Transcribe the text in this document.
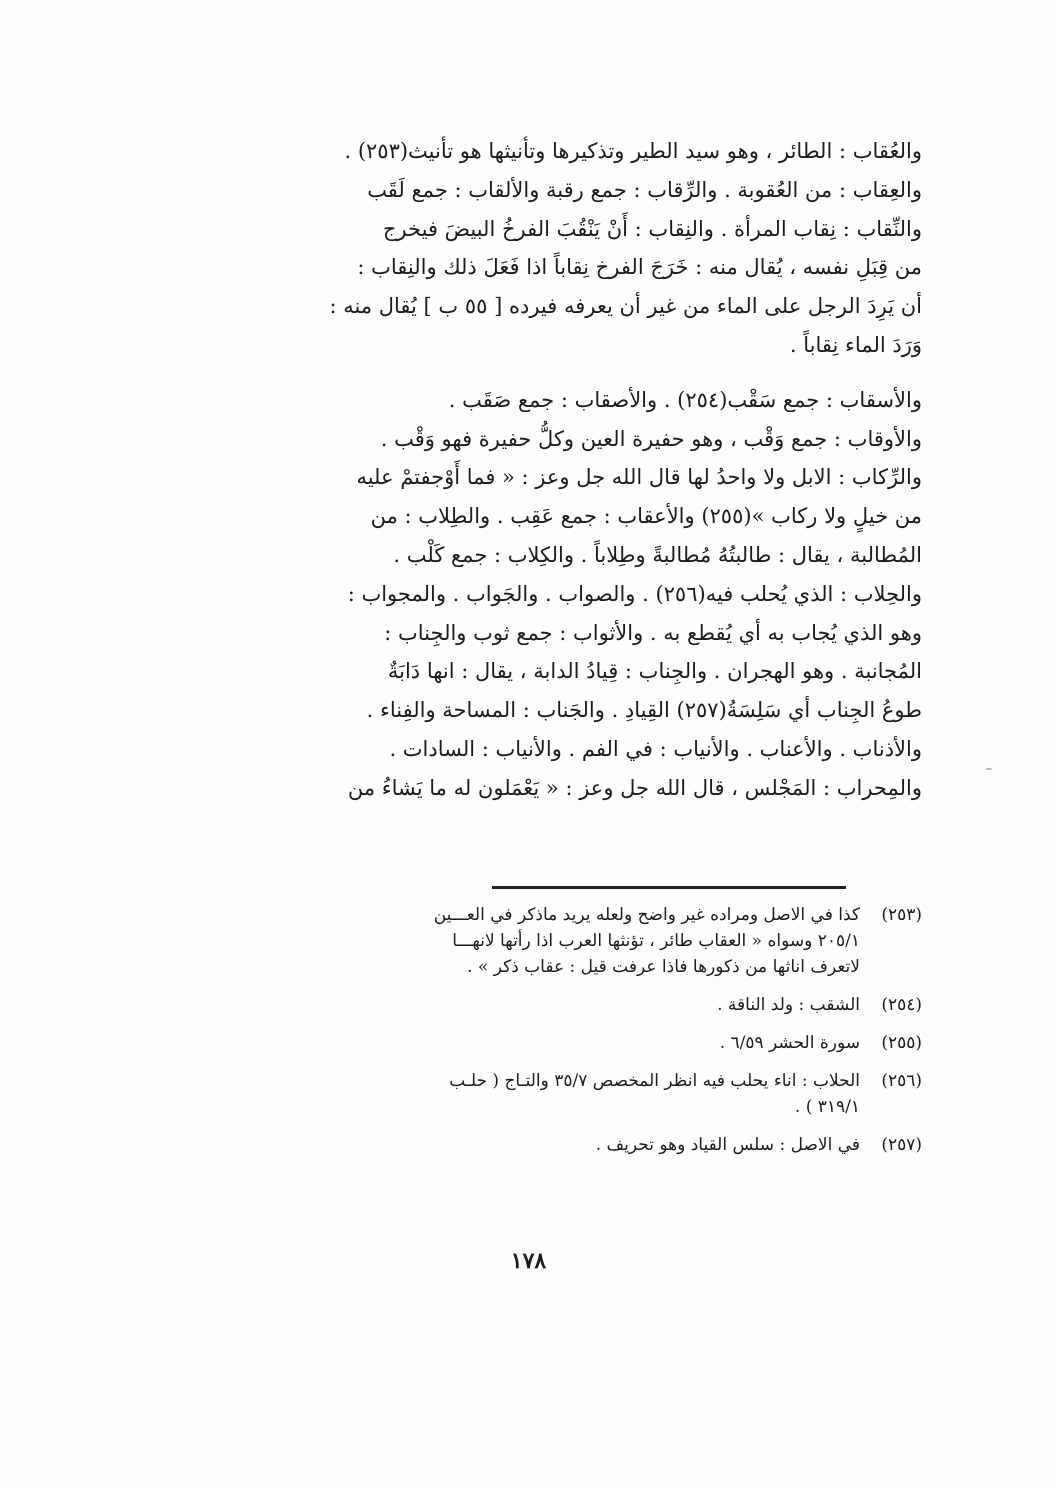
والعُقاب : الطائر ، وهو سيد الطير وتذكيرها وتأنيثها هو تأنيث(٢٥٣) .
والعِقاب : من العُقوبة . والرِّقاب : جمع رقبة والألقاب : جمع لَقَب
والنِّقاب : نِقاب المرأة . والنِقاب : أَنْ يَنْقُبَ الفرخُ البيضَ فيخرج
من قِبَلِ نفسه ، يُقال منه : خَرَجَ الفرخ نِقاباً اذا فَعَلَ ذلك والنِقاب :
أن يَرِدَ الرجل على الماء من غير أن يعرفه فيرده [ ٥٥ ب ] يُقال منه :
وَرَدَ الماء نِقاباً .
والأسقاب : جمع سَقْب(٢٥٤) . والأصقاب : جمع صَقَب .
والأوقاب : جمع وَقْب ، وهو حفيرة العين وكلُّ حفيرة فهو وَقْب .
والرِّكاب : الابل ولا واحدُ لها قال الله جل وعز : « فما أَوْجفتمْ عليه
من خيلٍ ولا ركاب »(٢٥٥) والأعقاب : جمع عَقِب . والطِلاب : من
المُطالبة ، يقال : طالبتُهُ مُطالبةً وطِلاباً . والكِلاب : جمع كَلْب .
والحِلاب : الذي يُحلب فيه(٢٥٦) . والصواب . والجَواب . والمجواب :
وهو الذي يُجاب به أي يُقطع به . والأثواب : جمع ثوب والجِناب :
المُجانبة . وهو الهجران . والجِناب : قِيادُ الدابة ، يقال : انها دَابَةٌ
طوعُ الجِناب أي سَلِسَةُ(٢٥٧) القِيادِ . والجَناب : المساحة والفِناء .
والأذناب . والأعناب . والأنياب : في الفم . والأنياب : السادات .
والمِحراب : المَجْلس ، قال الله جل وعز : « يَعْمَلون له ما يَشاءُ من
(٢٥٣)
كذا في الاصل ومراده غير واضح ولعله يريد ماذكر في العـــين
٢٠٥/١ وسواه « العقاب طائر ، تؤنثها العرب اذا رأتها لانهـــا
لاتعرف اناثها من ذكورها فاذا عرفت قيل : عقاب ذكر » .
(٢٥٤)
الشقب : ولد الناقة .
(٢٥٥)
سورة الحشر ٦/٥٩ .
(٢٥٦)
الحلاب : اناء يحلب فيه انظر المخصص ٣٥/٧ والتـاج ( حلـب
٣١٩/١ ) .
(٢٥٧)
في الاصل : سلس القياد وهو تحريف .
١٧٨
